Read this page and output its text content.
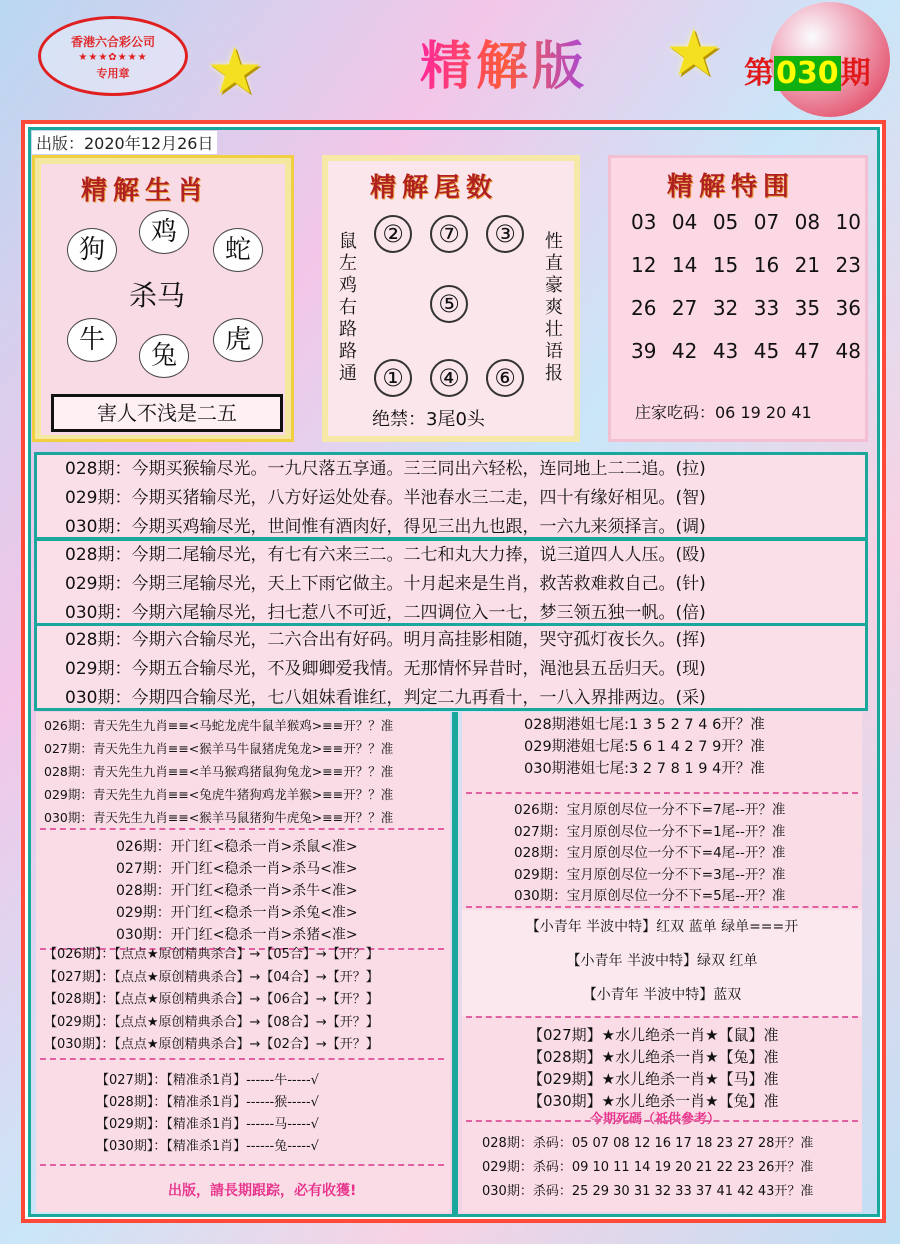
香港六合彩公司
★★★✿★★★
专用章	★	精解版 ★ 第030期
出版：2020年12月26日
精解生肖
狗
鸡
蛇
杀马
牛
兔
虎
害人不浅是二五
精解尾数
②	⑦	③
⑤
①	④	⑥
鼠左鸡右路路通
性直豪爽壮语报
绝禁：3尾0头
精解特围
03 04 05 07 08 10
12 14 15 16 21 23
26 27 32 33 35 36
39 42 43 45 47 48
庄家吃码：06 19 20 41
028期：今期买猴输尽光。一九尺落五享通。三三同出六轻松，连同地上二二追。(拉)
029期：今期买猪输尽光，八方好运处处春。半池春水三二走，四十有缘好相见。(智)
030期：今期买鸡输尽光，世间惟有酒肉好，得见三出九也跟，一六九来须择言。(调)
028期：今期二尾输尽光，有七有六来三二。二七和丸大力捧，说三道四人人压。(殴)
029期：今期三尾输尽光，天上下雨它做主。十月起来是生肖，救苦救难救自己。(针)
030期：今期六尾输尽光，扫七惹八不可近，二四调位入一七，梦三领五独一帆。(倍)
028期：今期六合输尽光，二六合出有好码。明月高挂影相随，哭守孤灯夜长久。(挥)
029期：今期五合输尽光，不及卿卿爱我情。无那情怀异昔时，渑池县五岳归天。(现)
030期：今期四合输尽光，七八姐妹看谁红，判定二九再看十，一八入界排两边。(采)
026期：青天先生九肖≡≡<马蛇龙虎牛鼠羊猴鸡>≡≡开？？准
027期：青天先生九肖≡≡<猴羊马牛鼠猪虎兔龙>≡≡开？？准
028期：青天先生九肖≡≡<羊马猴鸡猪鼠狗兔龙>≡≡开？？准
029期：青天先生九肖≡≡<兔虎牛猪狗鸡龙羊猴>≡≡开？？准
030期：青天先生九肖≡≡<猴羊马鼠猪狗牛虎兔>≡≡开？？准
026期：开门红<稳杀一肖>杀鼠<准>
027期：开门红<稳杀一肖>杀马<准>
028期：开门红<稳杀一肖>杀牛<准>
029期：开门红<稳杀一肖>杀兔<准>
030期：开门红<稳杀一肖>杀猪<准>
【026期】：【点点★原创精典杀合】→【05合】→【开？】
【027期】：【点点★原创精典杀合】→【04合】→【开？】
【028期】：【点点★原创精典杀合】→【06合】→【开？】
【029期】：【点点★原创精典杀合】→【08合】→【开？】
【030期】：【点点★原创精典杀合】→【02合】→【开？】
【027期】：【精准杀1肖】------牛-----√
【028期】：【精准杀1肖】------猴-----√
【029期】：【精准杀1肖】------马-----√
【030期】：【精准杀1肖】------兔-----√
出版，請長期跟踪，必有收獲!
028期港姐七尾:1 3 5 2 7 4 6开？准
029期港姐七尾:5 6 1 4 2 7 9开？准
030期港姐七尾:3 2 7 8 1 9 4开？准
026期：宝月原创尽位一分不下=7尾--开？准
027期：宝月原创尽位一分不下=1尾--开？准
028期：宝月原创尽位一分不下=4尾--开？准
029期：宝月原创尽位一分不下=3尾--开？准
030期：宝月原创尽位一分不下=5尾--开？准
【小青年 半波中特】红双 蓝单 绿单===开
【小青年 半波中特】绿双 红单
【小青年 半波中特】蓝双
【027期】★水儿绝杀一肖★【鼠】准
【028期】★水儿绝杀一肖★【兔】准
【029期】★水儿绝杀一肖★【马】准
【030期】★水儿绝杀一肖★【兔】准
今期死碼（祗供參考）
028期：杀码：05 07 08 12 16 17 18 23 27 28开？准
029期：杀码：09 10 11 14 19 20 21 22 23 26开？准
030期：杀码：25 29 30 31 32 33 37 41 42 43开？准
